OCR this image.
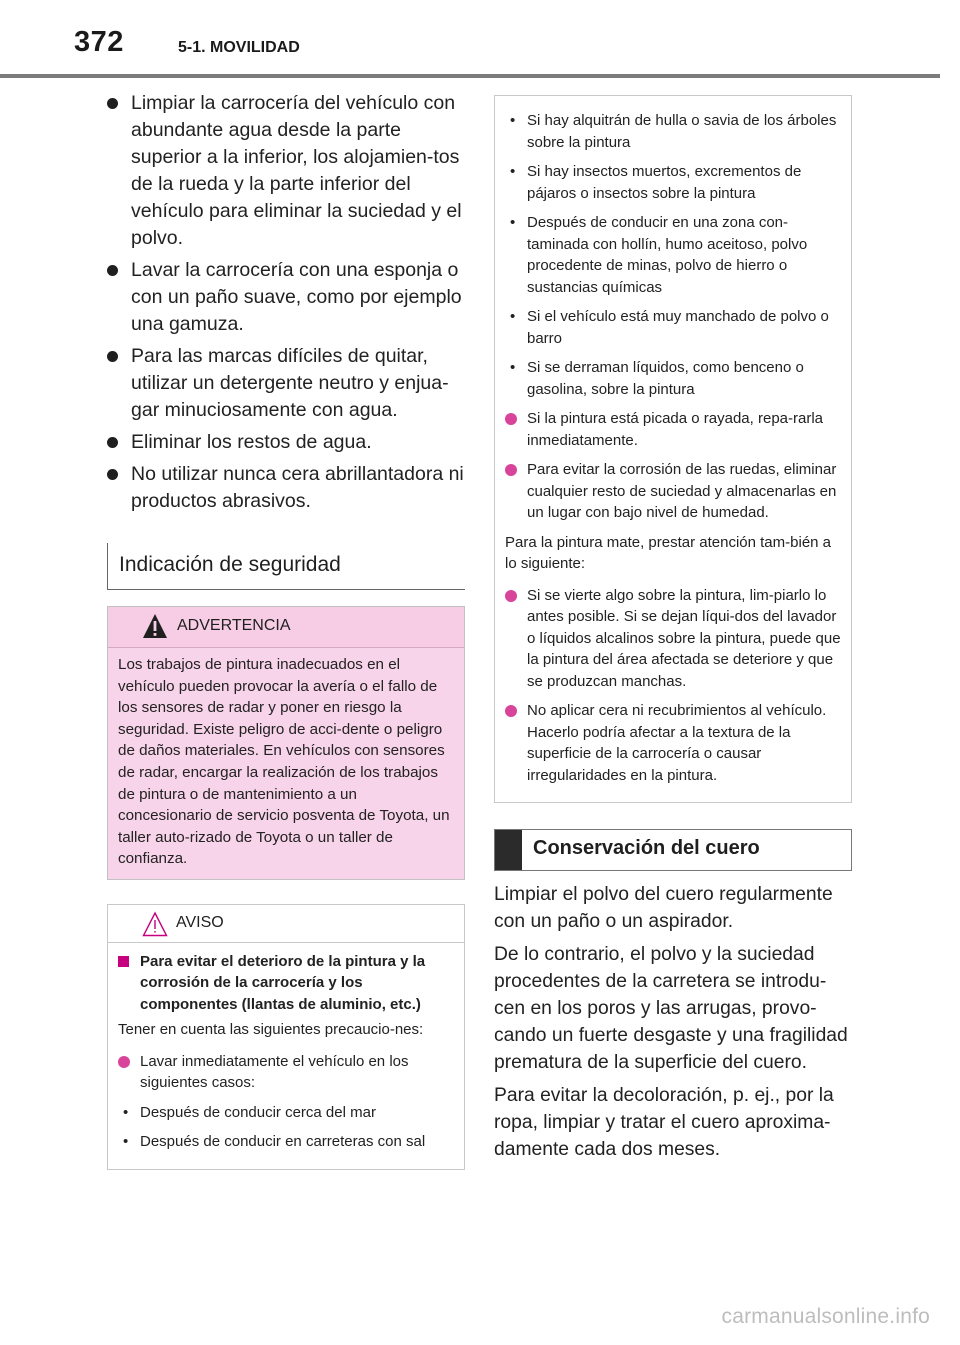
372	5-1. MOVILIDAD
Limpiar la carrocería del vehículo con abundante agua desde la parte superior a la inferior, los alojamien-tos de la rueda y la parte inferior del vehículo para eliminar la suciedad y el polvo.
Lavar la carrocería con una esponja o con un paño suave, como por ejemplo una gamuza.
Para las marcas difíciles de quitar, utilizar un detergente neutro y enjua-gar minuciosamente con agua.
Eliminar los restos de agua.
No utilizar nunca cera abrillantadora ni productos abrasivos.
Indicación de seguridad
ADVERTENCIA

Los trabajos de pintura inadecuados en el vehículo pueden provocar la avería o el fallo de los sensores de radar y poner en riesgo la seguridad. Existe peligro de acci-dente o peligro de daños materiales. En vehículos con sensores de radar, encargar la realización de los trabajos de pintura o de mantenimiento a un concesionario de servicio posventa de Toyota, un taller auto-rizado de Toyota o un taller de confianza.

AVISO
Para evitar el deterioro de la pintura y la corrosión de la carrocería y los componentes (llantas de aluminio, etc.)

Tener en cuenta las siguientes precaucio-nes:

Lavar inmediatamente el vehículo en los siguientes casos:
• Después de conducir cerca del mar
• Después de conducir en carreteras con sal
• Si hay alquitrán de hulla o savia de los árboles sobre la pintura
• Si hay insectos muertos, excrementos de pájaros o insectos sobre la pintura
• Después de conducir en una zona con-taminada con hollín, humo aceitoso, polvo procedente de minas, polvo de hierro o sustancias químicas
• Si el vehículo está muy manchado de polvo o barro
• Si se derraman líquidos, como benceno o gasolina, sobre la pintura
Si la pintura está picada o rayada, repa-rarla inmediatamente.
Para evitar la corrosión de las ruedas, eliminar cualquier resto de suciedad y almacenarlas en un lugar con bajo nivel de humedad.

Para la pintura mate, prestar atención tam-bién a lo siguiente:

Si se vierte algo sobre la pintura, lim-piarlo lo antes posible. Si se dejan líqui-dos del lavador o líquidos alcalinos sobre la pintura, puede que la pintura del área afectada se deteriore y que se produzcan manchas.
No aplicar cera ni recubrimientos al vehículo. Hacerlo podría afectar a la textura de la superficie de la carrocería o causar irregularidades en la pintura.
Conservación del cuero

Limpiar el polvo del cuero regularmente con un paño o un aspirador.

De lo contrario, el polvo y la suciedad procedentes de la carretera se introdu-cen en los poros y las arrugas, provo-cando un fuerte desgaste y una fragilidad prematura de la superficie del cuero.

Para evitar la decoloración, p. ej., por la ropa, limpiar y tratar el cuero aproxima-damente cada dos meses.

carmanualsonline.info
